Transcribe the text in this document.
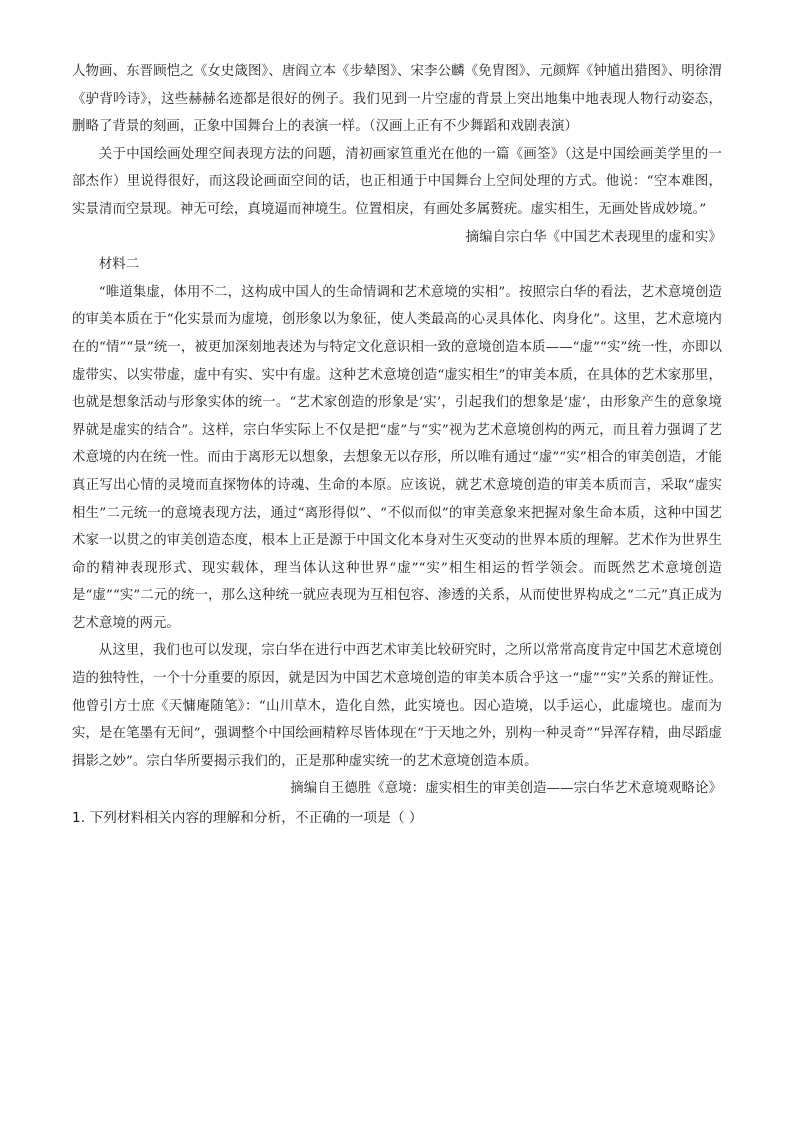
人物画、东晋顾恺之《女史箴图》、唐阎立本《步辇图》、宋李公麟《免胄图》、元颜辉《钟馗出猎图》、明徐渭《驴背吟诗》，这些赫赫名迹都是很好的例子。我们见到一片空虚的背景上突出地集中地表现人物行动姿态，删略了背景的刻画，正象中国舞台上的表演一样。（汉画上正有不少舞蹈和戏剧表演）

关于中国绘画处理空间表现方法的问题，清初画家笪重光在他的一篇《画筌》（这是中国绘画美学里的一部杰作）里说得很好，而这段论画面空间的话，也正相通于中国舞台上空间处理的方式。他说：“空本难图，实景清而空景现。神无可绘，真境逼而神境生。位置相戾，有画处多属赘疣。虚实相生，无画处皆成妙境。”

摘编自宗白华《中国艺术表现里的虚和实》

材料二

“唯道集虚，体用不二，这构成中国人的生命情调和艺术意境的实相”。按照宗白华的看法，艺术意境创造的审美本质在于“化实景而为虚境，创形象以为象征，使人类最高的心灵具体化、肉身化”。这里，艺术意境内在的“情”“景”统一，被更加深刻地表述为与特定文化意识相一致的意境创造本质——“虚”“实”统一性，亦即以虚带实、以实带虚，虚中有实、实中有虚。这种艺术意境创造“虚实相生”的审美本质，在具体的艺术家那里，也就是想象活动与形象实体的统一。“艺术家创造的形象是‘实’，引起我们的想象是‘虚’，由形象产生的意象境界就是虚实的结合”。这样，宗白华实际上不仅是把“虚”与“实”视为艺术意境创构的两元，而且着力强调了艺术意境的内在统一性。而由于离形无以想象，去想象无以存形，所以唯有通过“虚”“实”相合的审美创造，才能真正写出心情的灵境而直探物体的诗魂、生命的本原。应该说，就艺术意境创造的审美本质而言，采取“虚实相生”二元统一的意境表现方法，通过“离形得似”、“不似而似”的审美意象来把握对象生命本质，这种中国艺术家一以贯之的审美创造态度，根本上正是源于中国文化本身对生灭变动的世界本质的理解。艺术作为世界生命的精神表现形式、现实载体，理当体认这种世界“虚”“实”相生相运的哲学领会。而既然艺术意境创造是“虚”“实”二元的统一，那么这种统一就应表现为互相包容、渗透的关系，从而使世界构成之“二元”真正成为艺术意境的两元。

从这里，我们也可以发现，宗白华在进行中西艺术审美比较研究时，之所以常常高度肯定中国艺术意境创造的独特性，一个十分重要的原因，就是因为中国艺术意境创造的审美本质合乎这一“虚”“实”关系的辩证性。他曾引方士庶《天慵庵随笔》：“山川草木，造化自然，此实境也。因心造境，以手运心，此虚境也。虚而为实，是在笔墨有无间”，强调整个中国绘画精粹尽皆体现在“于天地之外，别构一种灵奇”“异浑存精，曲尽蹈虚揖影之妙”。宗白华所要揭示我们的，正是那种虚实统一的艺术意境创造本质。

摘编自王德胜《意境：虚实相生的审美创造——宗白华艺术意境观略论》

1. 下列材料相关内容的理解和分析，不正确的一项是（ ）
